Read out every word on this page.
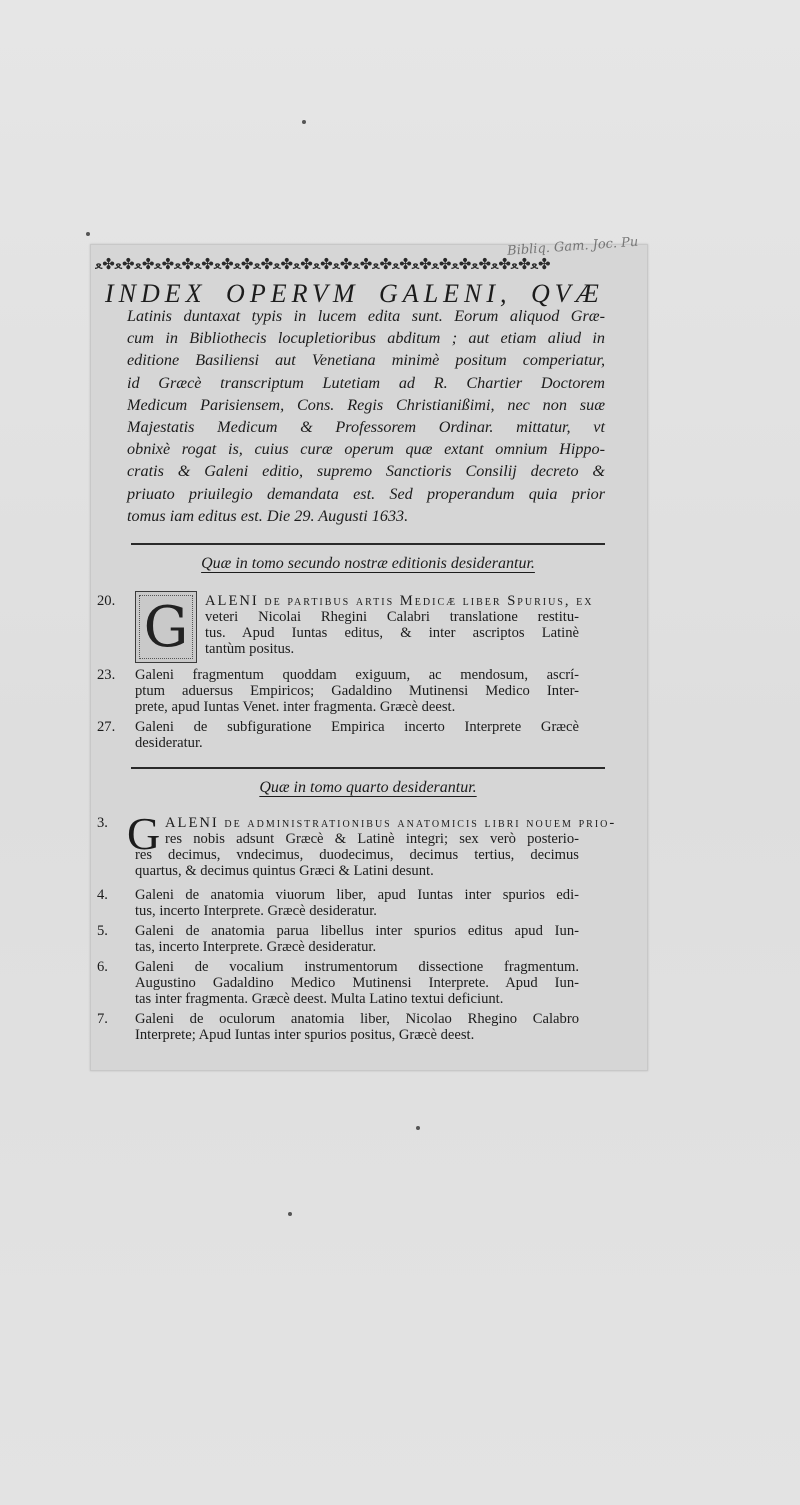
Bibliq. Gam. Joc. Pu
ﻌ✤ﻌ✤ﻌ✤ﻌ✤ﻌ✤ﻌ✤ﻌ✤ﻌ✤ﻌ✤ﻌ✤ﻌ✤ﻌ✤ﻌ✤ﻌ✤ﻌ✤ﻌ✤ﻌ✤ﻌ✤ﻌ✤ﻌ✤ﻌ✤ﻌ✤ﻌ✤
INDEX OPERVM GALENI, QVÆ
Latinis duntaxat typis in lucem edita sunt. Eorum aliquod Græ-
cum in Bibliothecis locupletioribus abditum ; aut etiam aliud in
editione Basiliensi aut Venetiana minimè positum comperiatur,
id Græcè transcriptum Lutetiam ad R. Chartier Doctorem
Medicum Parisiensem, Cons. Regis Christianißimi, nec non suæ
Majestatis Medicum & Professorem Ordinar. mittatur, vt
obnixè rogat is, cuius curæ operum quæ extant omnium Hippo-
cratis & Galeni editio, supremo Sanctioris Consilij decreto &
priuato priuilegio demandata est. Sed properandum quia prior
tomus iam editus est. Die 29. Augusti 1633.
Quæ in tomo secundo nostræ editionis desiderantur.
G
20.	ALENI de partibus artis Medicæ liber Spurius, ex
veteri Nicolai Rhegini Calabri translatione restitu-
tus. Apud Iuntas editus, & inter ascriptos Latinè
tantùm positus.
23.	Galeni fragmentum quoddam exiguum, ac mendosum, ascrí-
ptum aduersus Empiricos; Gadaldino Mutinensi Medico Inter-
prete, apud Iuntas Venet. inter fragmenta. Græcè deest.
27.	Galeni de subfiguratione Empirica incerto Interprete Græcè
desideratur.
Quæ in tomo quarto desiderantur.
G
3.	ALENI de administrationibus anatomicis libri nouem prio-
res nobis adsunt Græcè & Latinè integri; sex verò posterio-
res decimus, vndecimus, duodecimus, decimus tertius, decimus
quartus, & decimus quintus Græci & Latini desunt.
4.	Galeni de anatomia viuorum liber, apud Iuntas inter spurios edi-
tus, incerto Interprete. Græcè desideratur.
5.	Galeni de anatomia parua libellus inter spurios editus apud Iun-
tas, incerto Interprete. Græcè desideratur.
6.	Galeni de vocalium instrumentorum dissectione fragmentum.
Augustino Gadaldino Medico Mutinensi Interprete. Apud Iun-
tas inter fragmenta. Græcè deest. Multa Latino textui deficiunt.
7.	Galeni de oculorum anatomia liber, Nicolao Rhegino Calabro
Interprete; Apud Iuntas inter spurios positus, Græcè deest.
